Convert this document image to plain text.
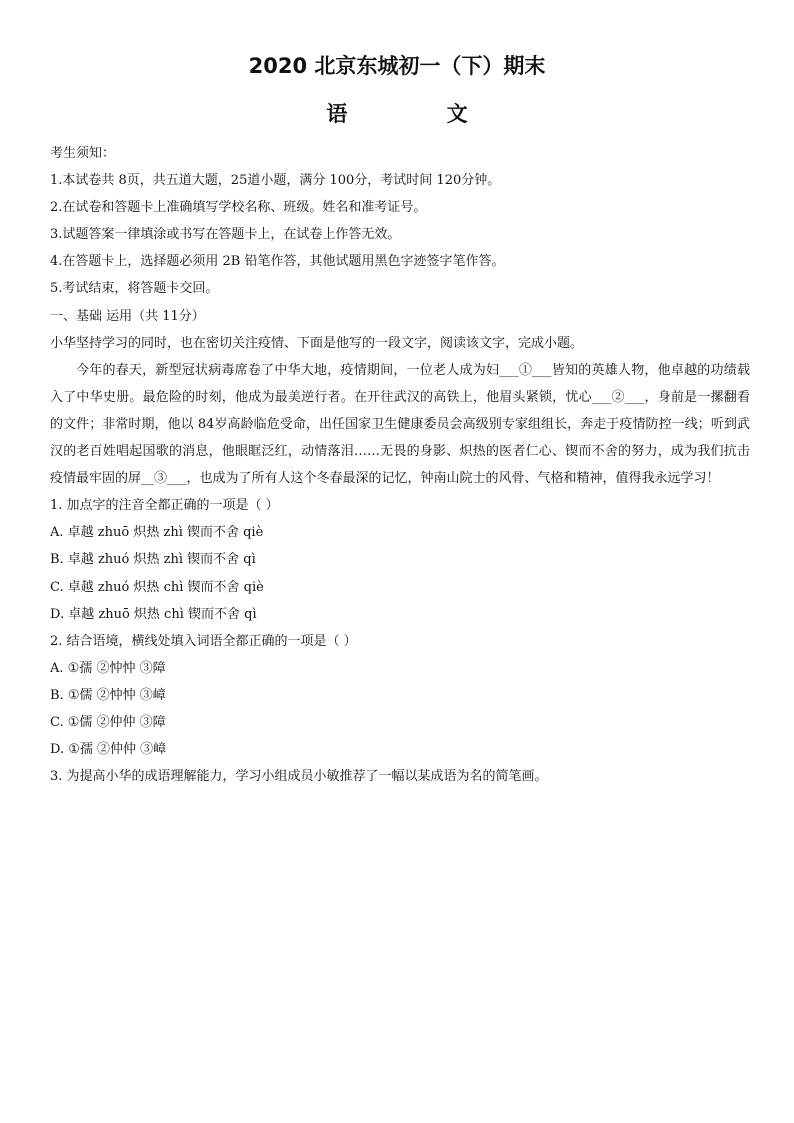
2020 北京东城初一（下）期末
语 文
考生须知：
1.本试卷共 8页，共五道大题，25道小题，满分 100分，考试时间 120分钟。
2.在试卷和答题卡上准确填写学校名称、班级。姓名和准考证号。
3.试题答案一律填涂或书写在答题卡上，在试卷上作答无效。
4.在答题卡上，选择题必须用 2B 铅笔作答，其他试题用黑色字迹签字笔作答。
5.考试结束，将答题卡交回。
一、基础 运用（共 11分）
小华坚持学习的同时，也在密切关注疫情、下面是他写的一段文字，阅读该文字，完成小题。
今年的春天，新型冠状病毒席卷了中华大地，疫情期间，一位老人成为妇___①___皆知的英雄人物，他卓越的功绩载入了中华史册。最危险的时刻，他成为最美逆行者。在开往武汉的高铁上，他眉头紧锁，忧心___②___，身前是一摞翻看的文件；非常时期，他以 84岁高龄临危受命，出任国家卫生健康委员会高级别专家组组长，奔走于疫情防控一线；听到武汉的老百姓唱起国歌的消息，他眼眶泛红，动情落泪……无畏的身影、炽热的医者仁心、锲而不舍的努力，成为我们抗击疫情最牢固的屏__③___，也成为了所有人这个冬春最深的记忆，钟南山院士的风骨、气格和精神，值得我永远学习！
1. 加点字的注音全都正确的一项是（ ）
A. 卓越 zhuō 炽热 zhì 锲而不舍 qiè
B. 卓越 zhuó 炽热 zhì 锲而不舍 qì
C. 卓越 zhuó 炽热 chì 锲而不舍 qiè
D. 卓越 zhuō 炽热 chì 锲而不舍 qì
2. 结合语境，横线处填入词语全都正确的一项是（ ）
A. ①孺 ②忡忡 ③障
B. ①儒 ②忡忡 ③嶂
C. ①儒 ②仲仲 ③障
D. ①孺 ②仲仲 ③嶂
3. 为提高小华的成语理解能力，学习小组成员小敏推荐了一幅以某成语为名的简笔画。
